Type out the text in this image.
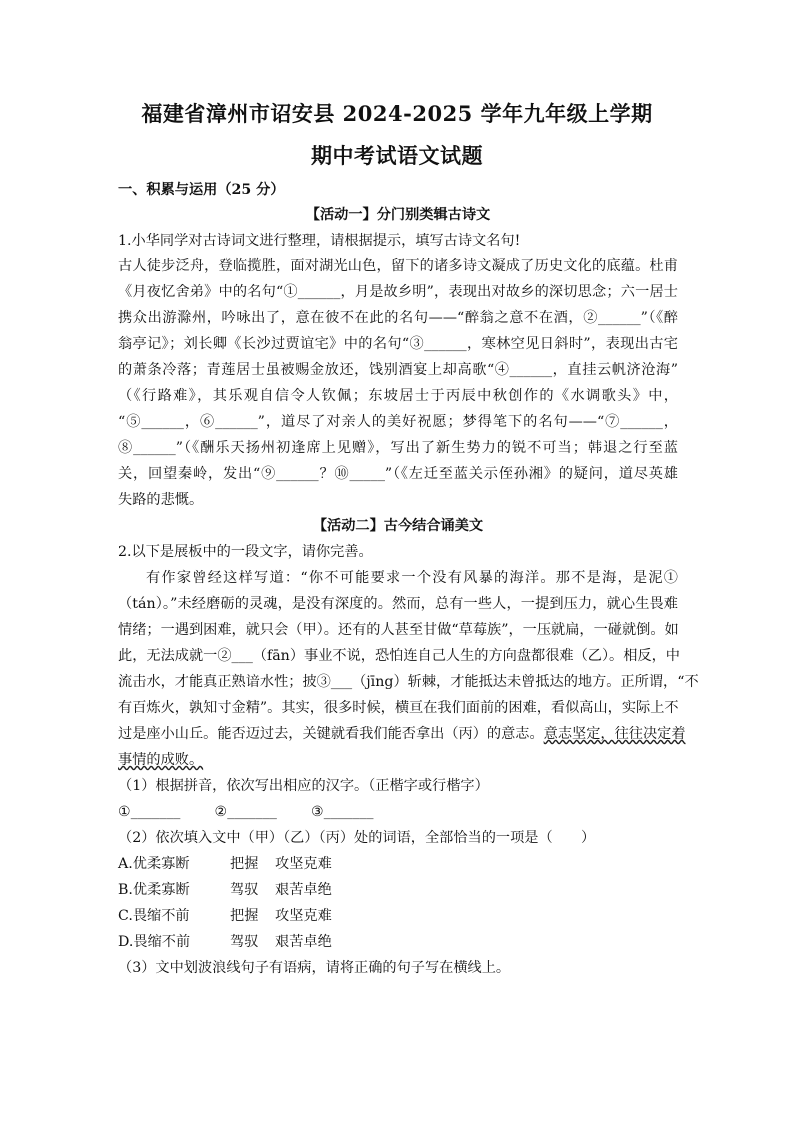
福建省漳州市诏安县 2024-2025 学年九年级上学期
期中考试语文试题
一、积累与运用（25 分）
【活动一】分门别类辑古诗文
1.小华同学对古诗词文进行整理，请根据提示，填写古诗文名句!
古人徒步泛舟，登临揽胜，面对湖光山色，留下的诸多诗文凝成了历史文化的底蕴。杜甫
《月夜忆舍弟》中的名句“①______，月是故乡明”，表现出对故乡的深切思念；六一居士
携众出游滁州，吟咏出了，意在彼不在此的名句——“醉翁之意不在酒，②______”（《醉
翁亭记》；刘长卿《长沙过贾谊宅》中的名句“③______，寒林空见日斜时”，表现出古宅
的萧条冷落；青莲居士虽被赐金放还，饯别酒宴上却高歌“④______，直挂云帆济沧海”
（《行路难》，其乐观自信令人钦佩；东坡居士于丙辰中秋创作的《水调歌头》中，
“⑤______，⑥______”，道尽了对亲人的美好祝愿；梦得笔下的名句——“⑦______，
⑧______”（《酬乐天扬州初逢席上见赠》，写出了新生势力的锐不可当；韩退之行至蓝
关，回望秦岭，发出“⑨______？⑩_____”（《左迁至蓝关示侄孙湘》的疑问，道尽英雄
失路的悲慨。
【活动二】古今结合诵美文
2.以下是展板中的一段文字，请你完善。
有作家曾经这样写道：“你不可能要求一个没有风暴的海洋。那不是海，是泥①
（tán）。”未经磨砺的灵魂，是没有深度的。然而，总有一些人，一提到压力，就心生畏难
情绪；一遇到困难，就只会（甲）。还有的人甚至甘做“草莓族”，一压就扁，一碰就倒。如
此，无法成就一②___（fān）事业不说，恐怕连自己人生的方向盘都很难（乙）。相反，中
流击水，才能真正熟谙水性；披③___（jīng）斩棘，才能抵达未曾抵达的地方。正所谓，“不
有百炼火，孰知寸金精”。其实，很多时候，横亘在我们面前的困难，看似高山，实际上不
过是座小山丘。能否迈过去，关键就看我们能否拿出（丙）的意志。意志坚定，往往决定着
事情的成败。
（1）根据拼音，依次写出相应的汉字。（正楷字或行楷字）
①_______ ②_______ ③_______
（2）依次填入文中（甲）（乙）（丙）处的词语，全部恰当的一项是（　　）
A.优柔寡断	把握 攻坚克难
B.优柔寡断	驾驭 艰苦卓绝
C.畏缩不前	把握 攻坚克难
D.畏缩不前	驾驭 艰苦卓绝
（3）文中划波浪线句子有语病，请将正确的句子写在横线上。
